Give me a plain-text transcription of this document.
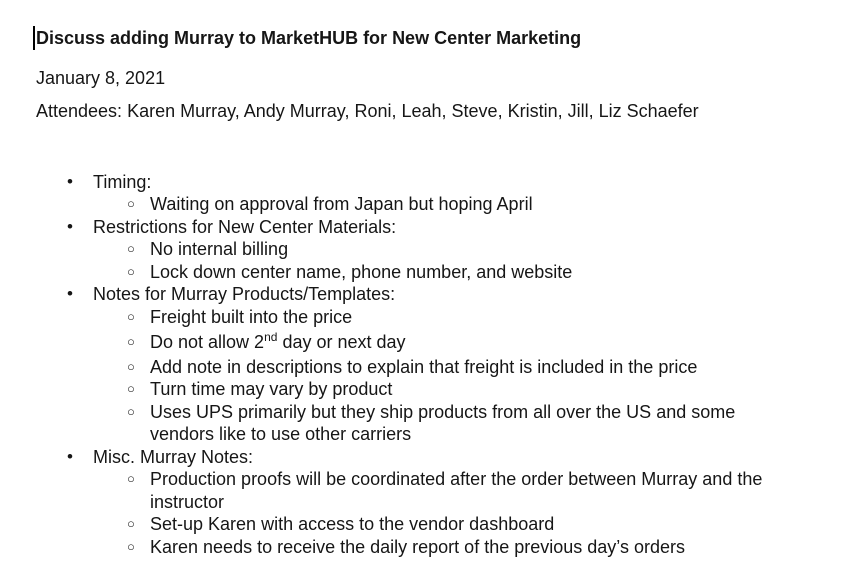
Discuss adding Murray to MarketHUB for New Center Marketing

January 8, 2021

Attendees: Karen Murray, Andy Murray, Roni, Leah, Steve, Kristin, Jill, Liz Schaefer

•	Timing:
○ Waiting on approval from Japan but hoping April
•	Restrictions for New Center Materials:
○ No internal billing
○ Lock down center name, phone number, and website
•	Notes for Murray Products/Templates:
○ Freight built into the price
○ Do not allow 2nd day or next day
○ Add note in descriptions to explain that freight is included in the price
○ Turn time may vary by product
○ Uses UPS primarily but they ship products from all over the US and some vendors like to use other carriers
•	Misc. Murray Notes:
○ Production proofs will be coordinated after the order between Murray and the instructor
○ Set-up Karen with access to the vendor dashboard
○ Karen needs to receive the daily report of the previous day’s orders
